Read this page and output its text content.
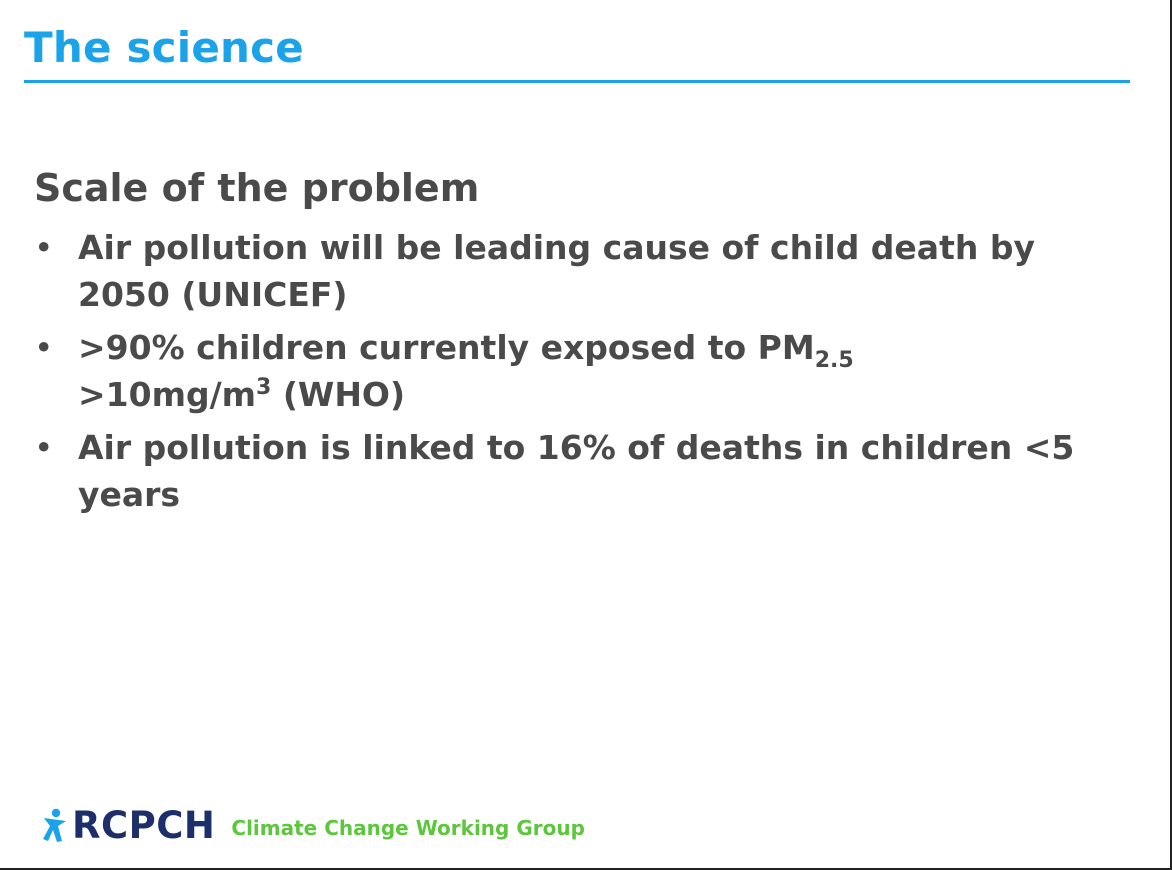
The science
Scale of the problem
• Air pollution will be leading cause of child death by 2050 (UNICEF)
• >90% children currently exposed to $PM_{2.5}$
$>10mg/m^3$ (WHO)
• Air pollution is linked to 16% of deaths in children <5 years
RCPCH Climate Change Working Group
